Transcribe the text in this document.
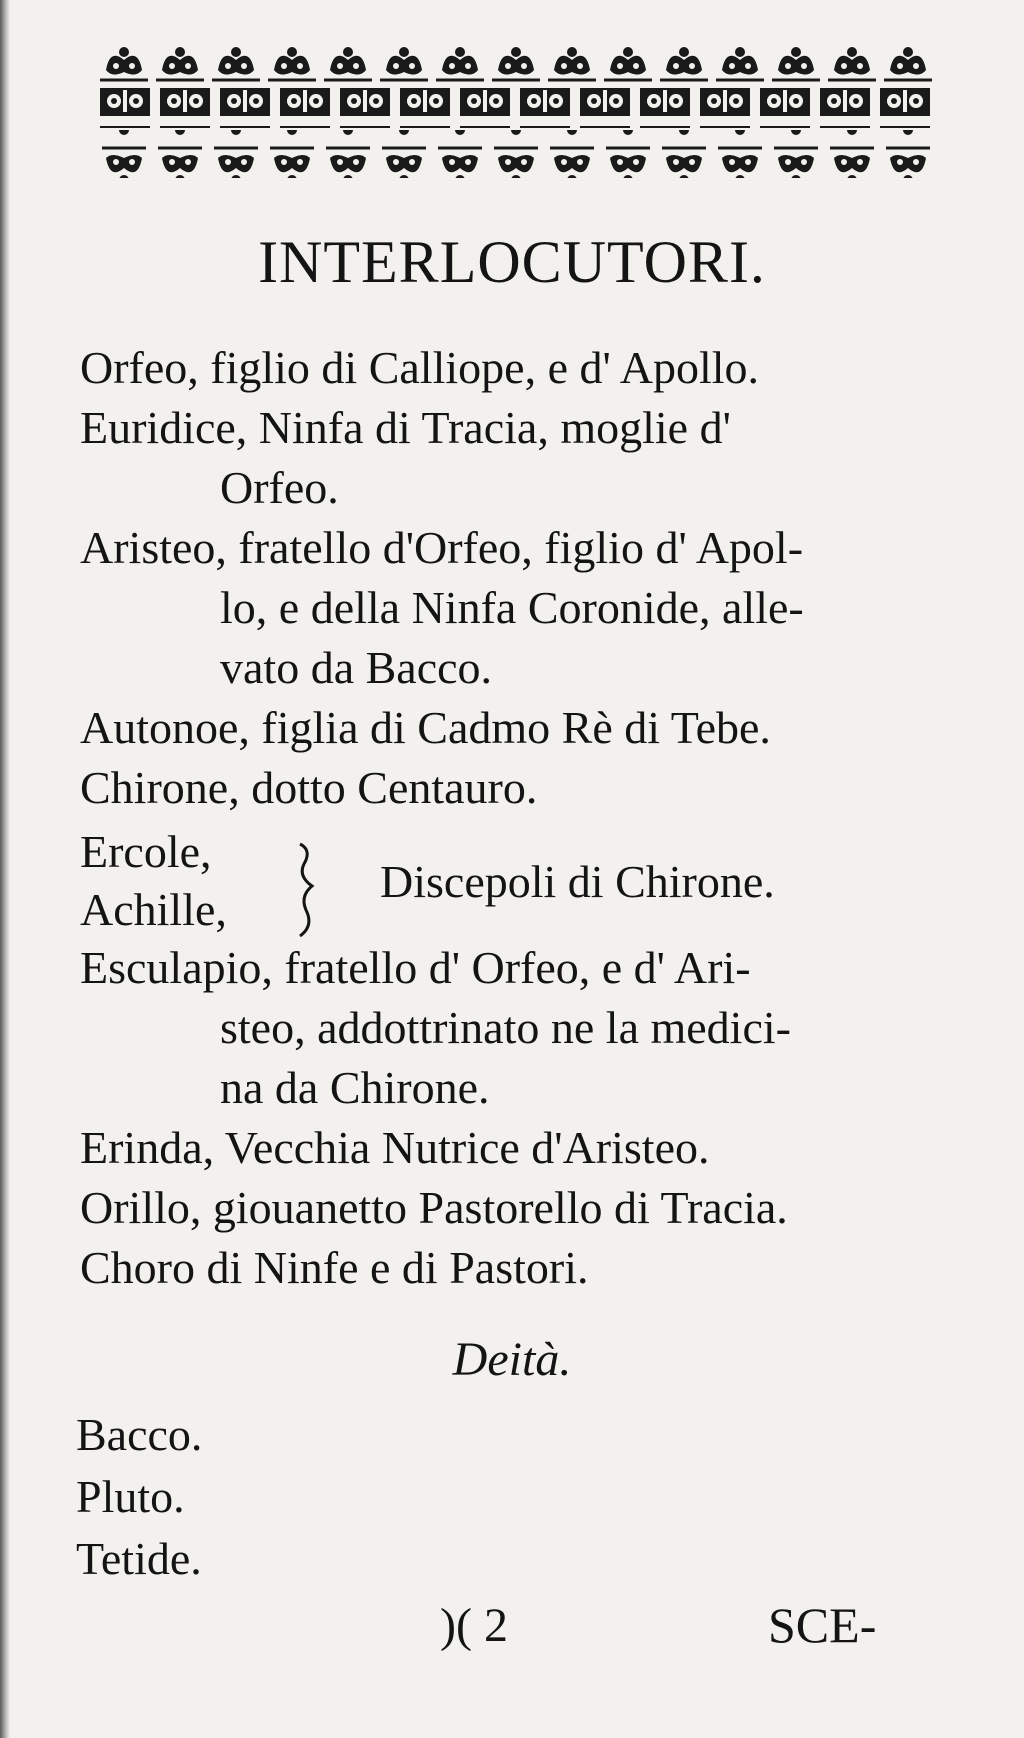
INTERLOCUTORI.
Orfeo, figlio di Calliope, e d' Apollo.
Euridice, Ninfa di Tracia, moglie d'
Orfeo.
Aristeo, fratello d'Orfeo, figlio d' Apol-
lo, e della Ninfa Coronide, alle-
vato da Bacco.
Autonoe, figlia di Cadmo Rè di Tebe.
Chirone, dotto Centauro.
Ercole,
Achille,
Discepoli di Chirone.
Esculapio, fratello d' Orfeo, e d' Ari-
steo, addottrinato ne la medici-
na da Chirone.
Erinda, Vecchia Nutrice d'Aristeo.
Orillo, giouanetto Pastorello di Tracia.
Choro di Ninfe e di Pastori.
Deità.
Bacco.
Pluto.
Tetide.
)( 2	SCE-
